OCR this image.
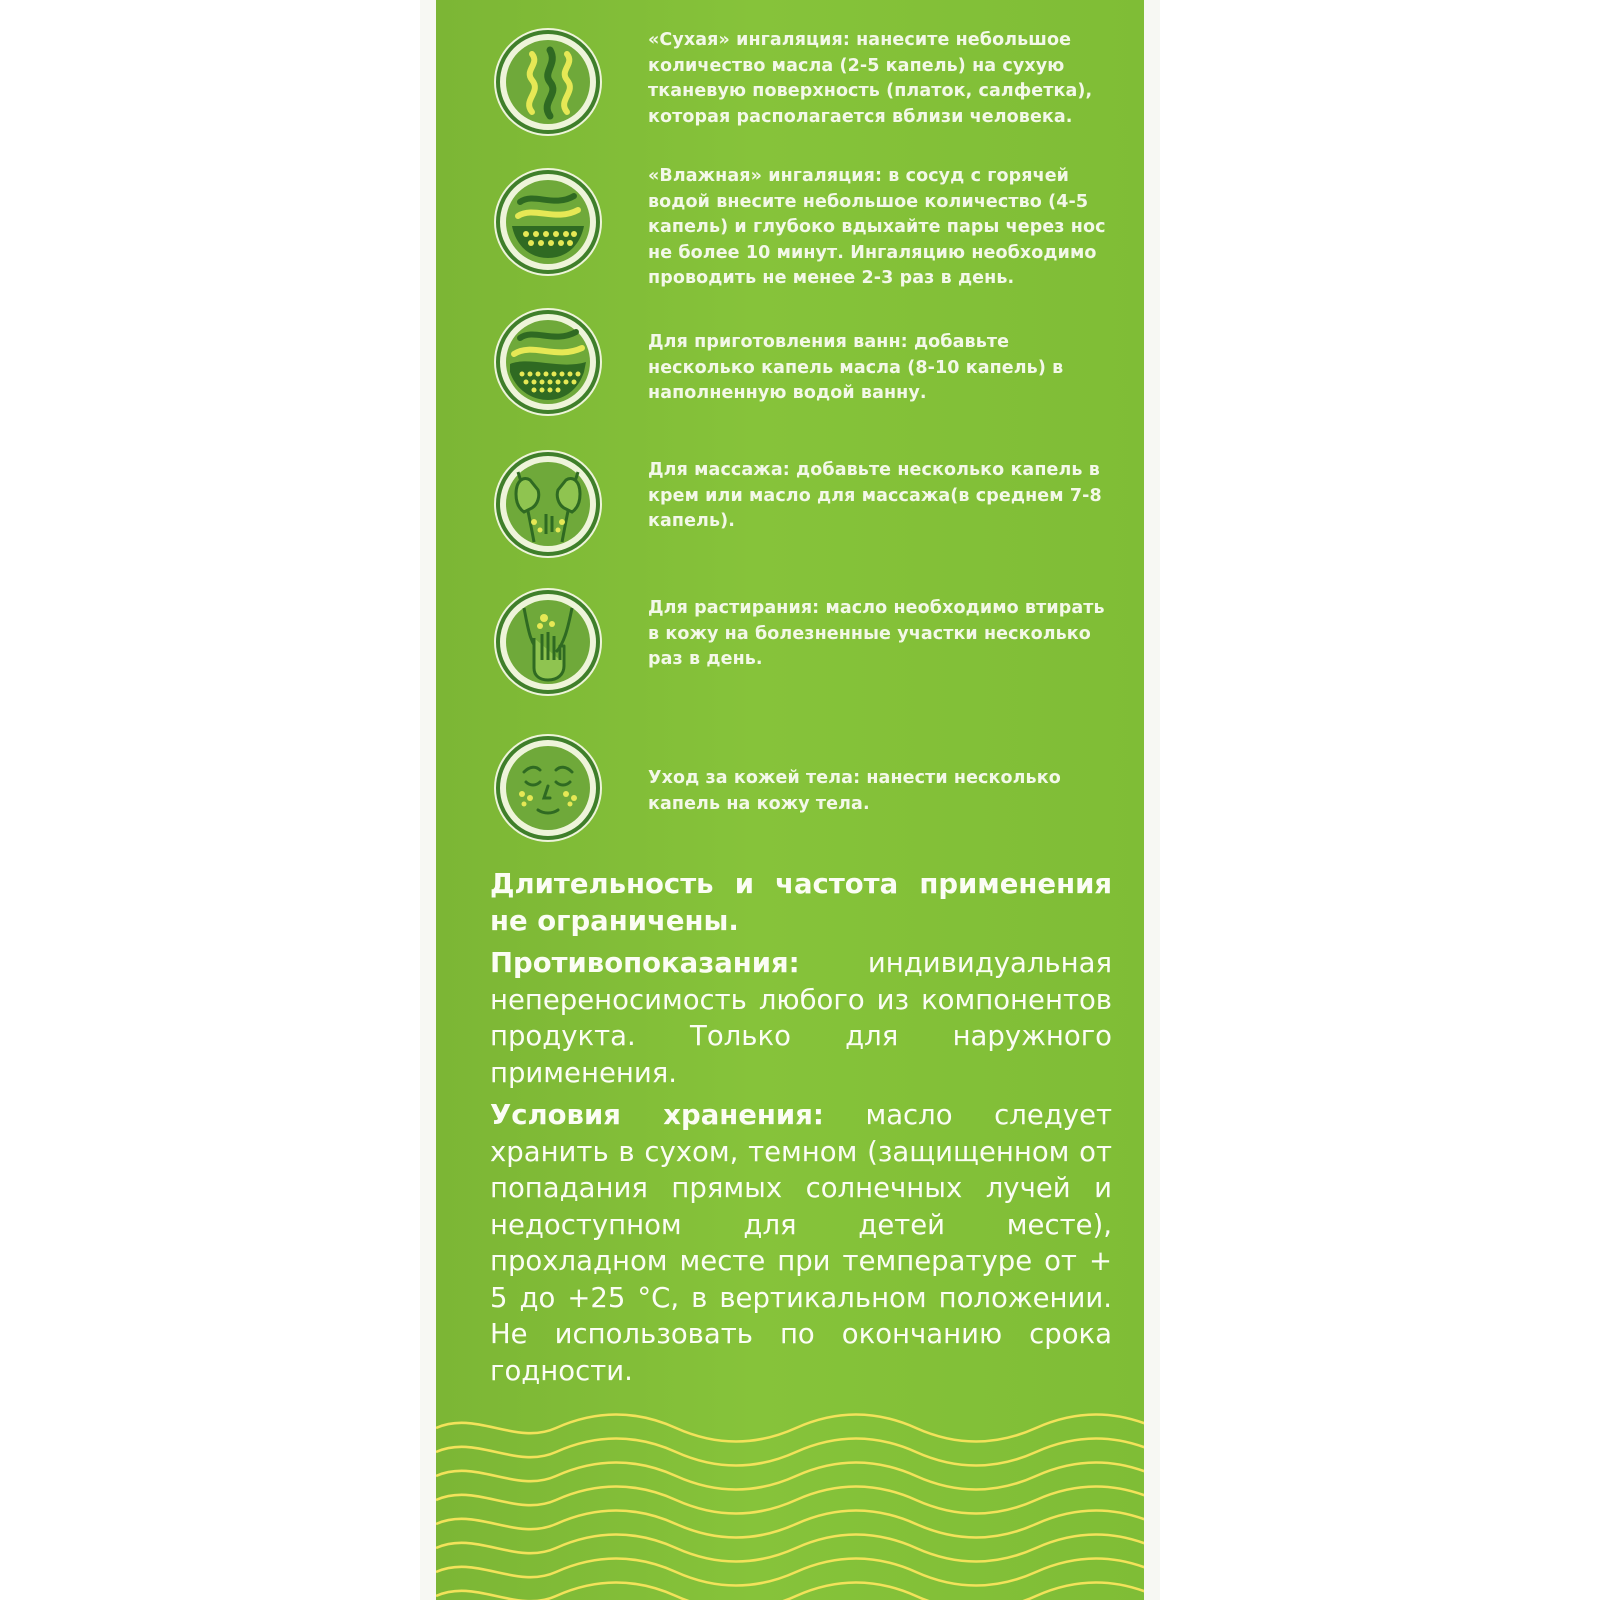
«Сухая» ингаляция: нанесите небольшое количество масла (2-5 капель) на сухую тканевую поверхность (платок, салфетка), которая располагается вблизи человека.

«Влажная» ингаляция: в сосуд с горячей водой внесите небольшое количество (4-5 капель) и глубоко вдыхайте пары через нос не более 10 минут. Ингаляцию необходимо проводить не менее 2-3 раз в день.

Для приготовления ванн: добавьте несколько капель масла (8-10 капель) в наполненную водой ванну.

Для массажа: добавьте несколько капель в крем или масло для массажа(в среднем 7-8 капель).

Для растирания: масло необходимо втирать в кожу на болезненные участки несколько раз в день.

Уход за кожей тела: нанести несколько капель на кожу тела.

Длительность и частота применения не ограничены.

Противопоказания: индивидуальная непереносимость любого из компонентов продукта. Только для наружного применения.

Условия хранения: масло следует хранить в сухом, темном (защищенном от попадания прямых солнечных лучей и недоступном для детей месте), прохладном месте при температуре от + 5 до +25 °С, в вертикальном положении. Не использовать по окончанию срока годности.
